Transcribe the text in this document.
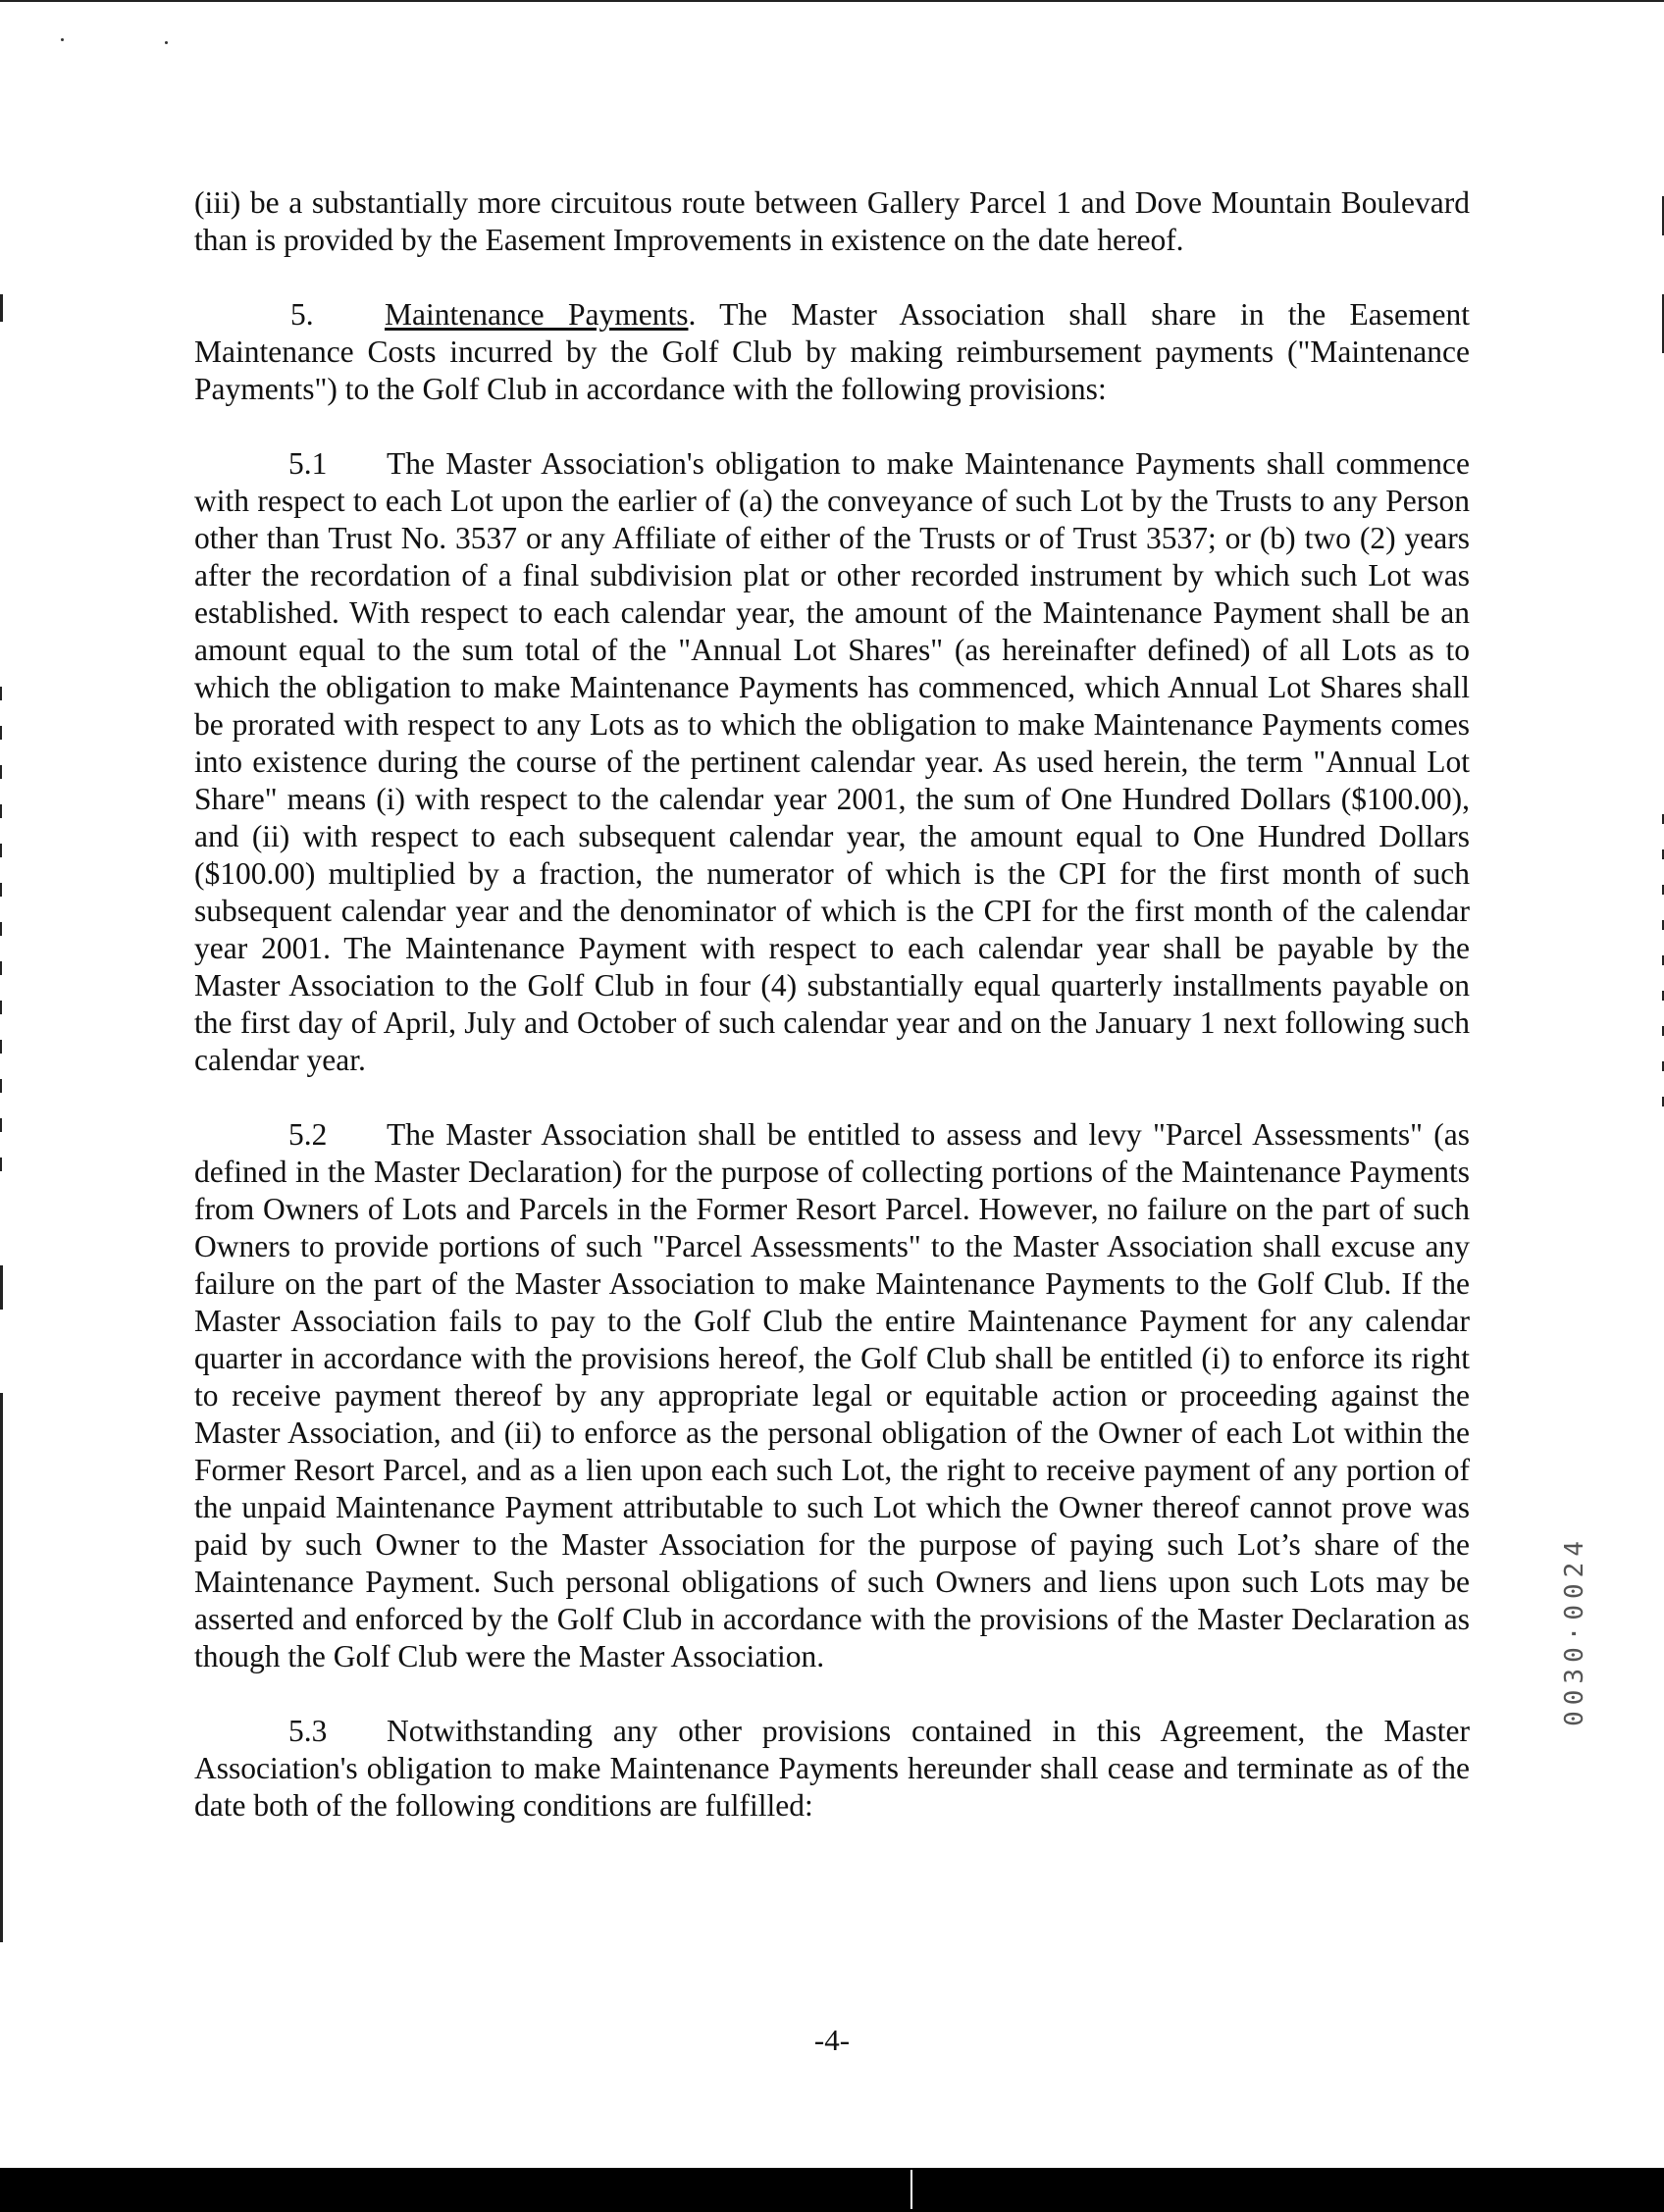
(iii) be a substantially more circuitous route between Gallery Parcel 1 and Dove Mountain Boulevard than is provided by the Easement Improvements in existence on the date hereof.

5. Maintenance Payments. The Master Association shall share in the Easement Maintenance Costs incurred by the Golf Club by making reimbursement payments ("Maintenance Payments") to the Golf Club in accordance with the following provisions:

5.1 The Master Association's obligation to make Maintenance Payments shall commence with respect to each Lot upon the earlier of (a) the conveyance of such Lot by the Trusts to any Person other than Trust No. 3537 or any Affiliate of either of the Trusts or of Trust 3537; or (b) two (2) years after the recordation of a final subdivision plat or other recorded instrument by which such Lot was established. With respect to each calendar year, the amount of the Maintenance Payment shall be an amount equal to the sum total of the "Annual Lot Shares" (as hereinafter defined) of all Lots as to which the obligation to make Maintenance Payments has commenced, which Annual Lot Shares shall be prorated with respect to any Lots as to which the obligation to make Maintenance Payments comes into existence during the course of the pertinent calendar year. As used herein, the term "Annual Lot Share" means (i) with respect to the calendar year 2001, the sum of One Hundred Dollars ($100.00), and (ii) with respect to each subsequent calendar year, the amount equal to One Hundred Dollars ($100.00) multiplied by a fraction, the numerator of which is the CPI for the first month of such subsequent calendar year and the denominator of which is the CPI for the first month of the calendar year 2001. The Maintenance Payment with respect to each calendar year shall be payable by the Master Association to the Golf Club in four (4) substantially equal quarterly installments payable on the first day of April, July and October of such calendar year and on the January 1 next following such calendar year.

5.2 The Master Association shall be entitled to assess and levy "Parcel Assessments" (as defined in the Master Declaration) for the purpose of collecting portions of the Maintenance Payments from Owners of Lots and Parcels in the Former Resort Parcel. However, no failure on the part of such Owners to provide portions of such "Parcel Assessments" to the Master Association shall excuse any failure on the part of the Master Association to make Maintenance Payments to the Golf Club. If the Master Association fails to pay to the Golf Club the entire Maintenance Payment for any calendar quarter in accordance with the provisions hereof, the Golf Club shall be entitled (i) to enforce its right to receive payment thereof by any appropriate legal or equitable action or proceeding against the Master Association, and (ii) to enforce as the personal obligation of the Owner of each Lot within the Former Resort Parcel, and as a lien upon each such Lot, the right to receive payment of any portion of the unpaid Maintenance Payment attributable to such Lot which the Owner thereof cannot prove was paid by such Owner to the Master Association for the purpose of paying such Lot’s share of the Maintenance Payment. Such personal obligations of such Owners and liens upon such Lots may be asserted and enforced by the Golf Club in accordance with the provisions of the Master Declaration as though the Golf Club were the Master Association.

5.3 Notwithstanding any other provisions contained in this Agreement, the Master Association's obligation to make Maintenance Payments hereunder shall cease and terminate as of the date both of the following conditions are fulfilled:

0030·0024
-4-
